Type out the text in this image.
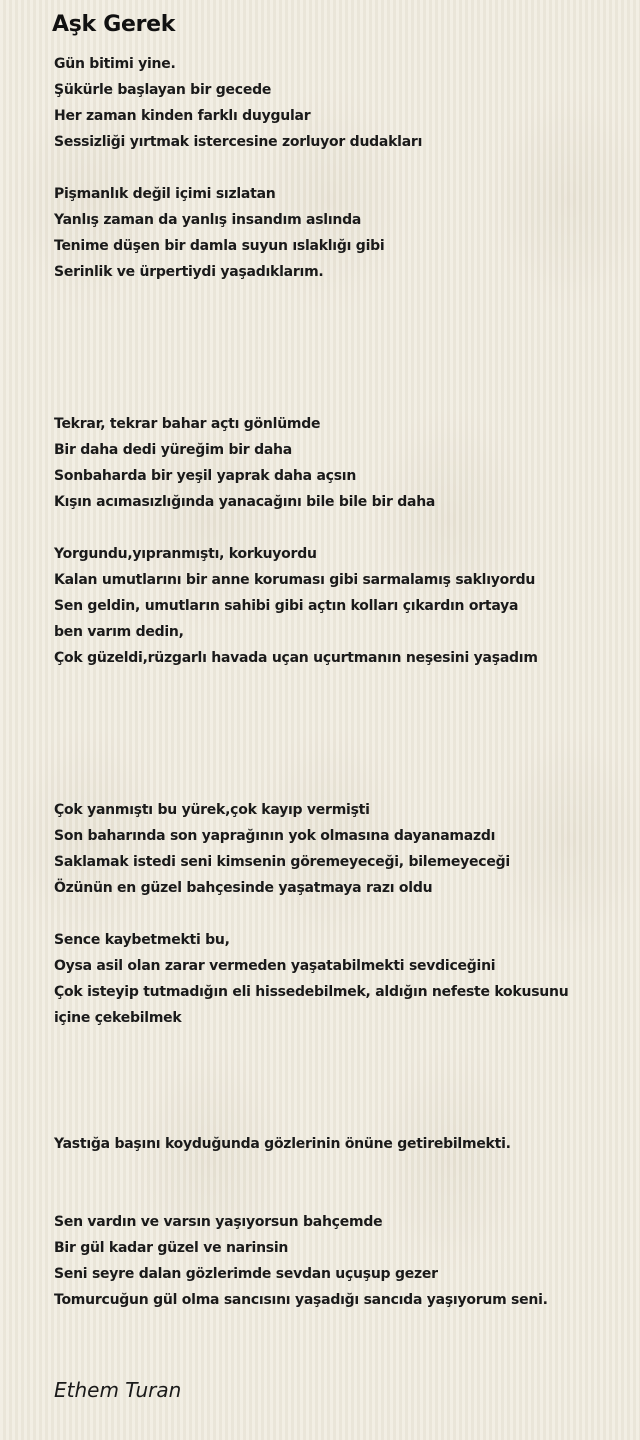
Aşk Gerek
Gün bitimi yine.
Şükürle başlayan bir gecede
Her zaman kinden farklı duygular
Sessizliği yırtmak istercesine zorluyor dudakları
Pişmanlık değil içimi sızlatan
Yanlış zaman da yanlış insandım aslında
Tenime düşen bir damla suyun ıslaklığı gibi
Serinlik ve ürpertiydi yaşadıklarım.
Tekrar, tekrar bahar açtı gönlümde
Bir daha dedi yüreğim bir daha
Sonbaharda bir yeşil yaprak daha açsın
Kışın acımasızlığında yanacağını bile bile bir daha
Yorgundu,yıpranmıştı, korkuyordu
Kalan umutlarını bir anne koruması gibi sarmalamış saklıyordu
Sen geldin, umutların sahibi gibi açtın kolları çıkardın ortaya
ben varım dedin,
Çok güzeldi,rüzgarlı havada uçan uçurtmanın neşesini yaşadım
Çok yanmıştı bu yürek,çok kayıp vermişti
Son baharında son yaprağının yok olmasına dayanamazdı
Saklamak istedi seni kimsenin göremeyeceği, bilemeyeceği
Özünün en güzel bahçesinde yaşatmaya razı oldu
Sence kaybetmekti bu,
Oysa asil olan zarar vermeden yaşatabilmekti sevdiceğini
Çok isteyip tutmadığın eli hissedebilmek, aldığın nefeste kokusunu
içine çekebilmek
Yastığa başını koyduğunda gözlerinin önüne getirebilmekti.
Sen vardın ve varsın yaşıyorsun bahçemde
Bir gül kadar güzel ve narinsin
Seni seyre dalan gözlerimde sevdan uçuşup gezer
Tomurcuğun gül olma sancısını yaşadığı sancıda yaşıyorum seni.
Ethem Turan
